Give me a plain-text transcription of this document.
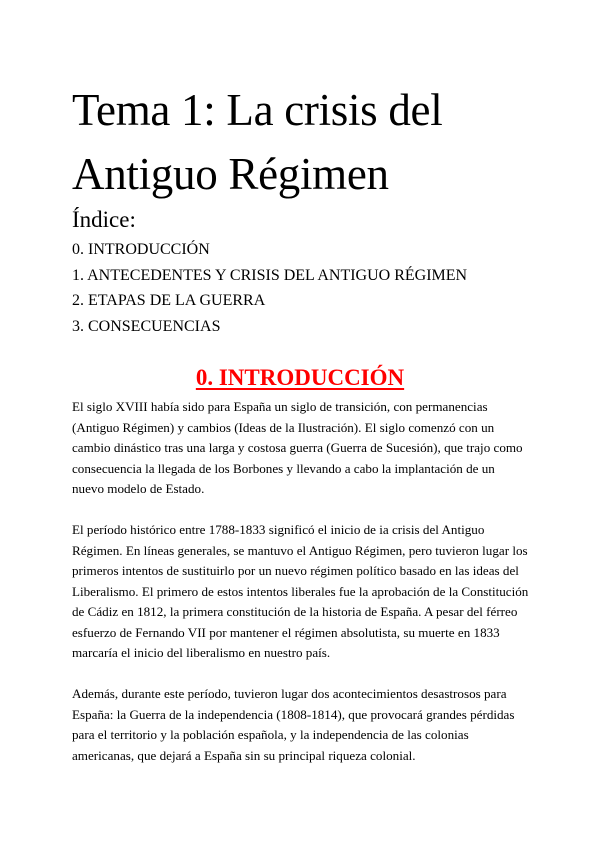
Tema 1: La crisis del Antiguo Régimen
Índice:
0. INTRODUCCIÓN
1. ANTECEDENTES Y CRISIS DEL ANTIGUO RÉGIMEN
2. ETAPAS DE LA GUERRA
3. CONSECUENCIAS
0. INTRODUCCIÓN

El siglo XVIII había sido para España un siglo de transición, con permanencias (Antiguo Régimen) y cambios (Ideas de la Ilustración). El siglo comenzó con un cambio dinástico tras una larga y costosa guerra (Guerra de Sucesión), que trajo como consecuencia la llegada de los Borbones y llevando a cabo la implantación de un nuevo modelo de Estado.

El período histórico entre 1788-1833 significó el inicio de ia crisis del Antiguo Régimen. En líneas generales, se mantuvo el Antiguo Régimen, pero tuvieron lugar los primeros intentos de sustituirlo por un nuevo régimen político basado en las ideas del Liberalismo. El primero de estos intentos liberales fue la aprobación de la Constitución de Cádiz en 1812, la primera constitución de la historia de España. A pesar del férreo esfuerzo de Fernando VII por mantener el régimen absolutista, su muerte en 1833 marcaría el inicio del liberalismo en nuestro país.

Además, durante este período, tuvieron lugar dos acontecimientos desastrosos para España: la Guerra de la independencia (1808-1814), que provocará grandes pérdidas para el territorio y la población española, y la independencia de las colonias americanas, que dejará a España sin su principal riqueza colonial.
